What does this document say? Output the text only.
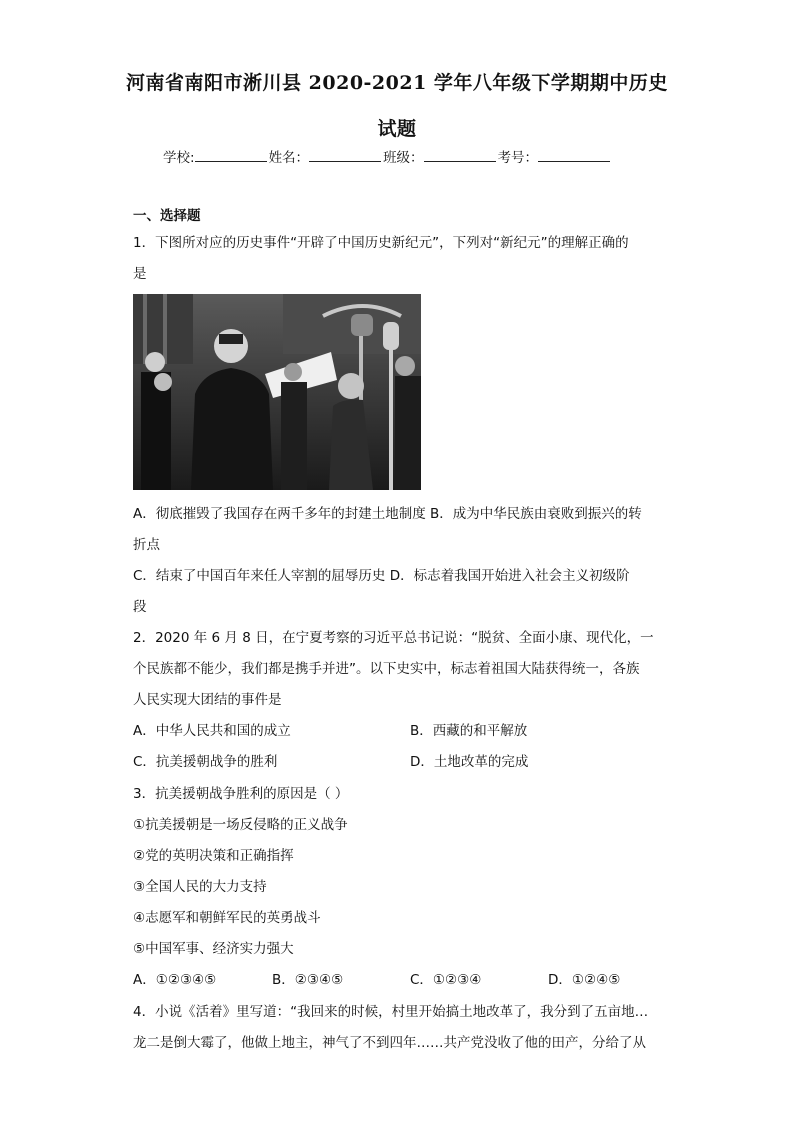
河南省南阳市淅川县 2020-2021 学年八年级下学期期中历史
试题
学校:	姓名：	班级：	考号：
一、选择题
1．下图所对应的历史事件“开辟了中国历史新纪元”，下列对“新纪元”的理解正确的
是
A．彻底摧毁了我国存在两千多年的封建土地制度 B．成为中华民族由衰败到振兴的转
折点
C．结束了中国百年来任人宰割的屈辱历史 D．标志着我国开始进入社会主义初级阶
段
2．2020 年 6 月 8 日，在宁夏考察的习近平总书记说：“脱贫、全面小康、现代化，一
个民族都不能少，我们都是携手并进”。以下史实中，标志着祖国大陆获得统一，各族
人民实现大团结的事件是
A．中华人民共和国的成立	B．西藏的和平解放
C．抗美援朝战争的胜利	D．土地改革的完成
3．抗美援朝战争胜利的原因是（ ）
①抗美援朝是一场反侵略的正义战争
②党的英明决策和正确指挥
③全国人民的大力支持
④志愿军和朝鲜军民的英勇战斗
⑤中国军事、经济实力强大
A．①②③④⑤	B．②③④⑤	C．①②③④	D．①②④⑤
4．小说《活着》里写道：“我回来的时候，村里开始搞土地改革了，我分到了五亩地…
龙二是倒大霉了，他做上地主，神气了不到四年……共产党没收了他的田产，分给了从
